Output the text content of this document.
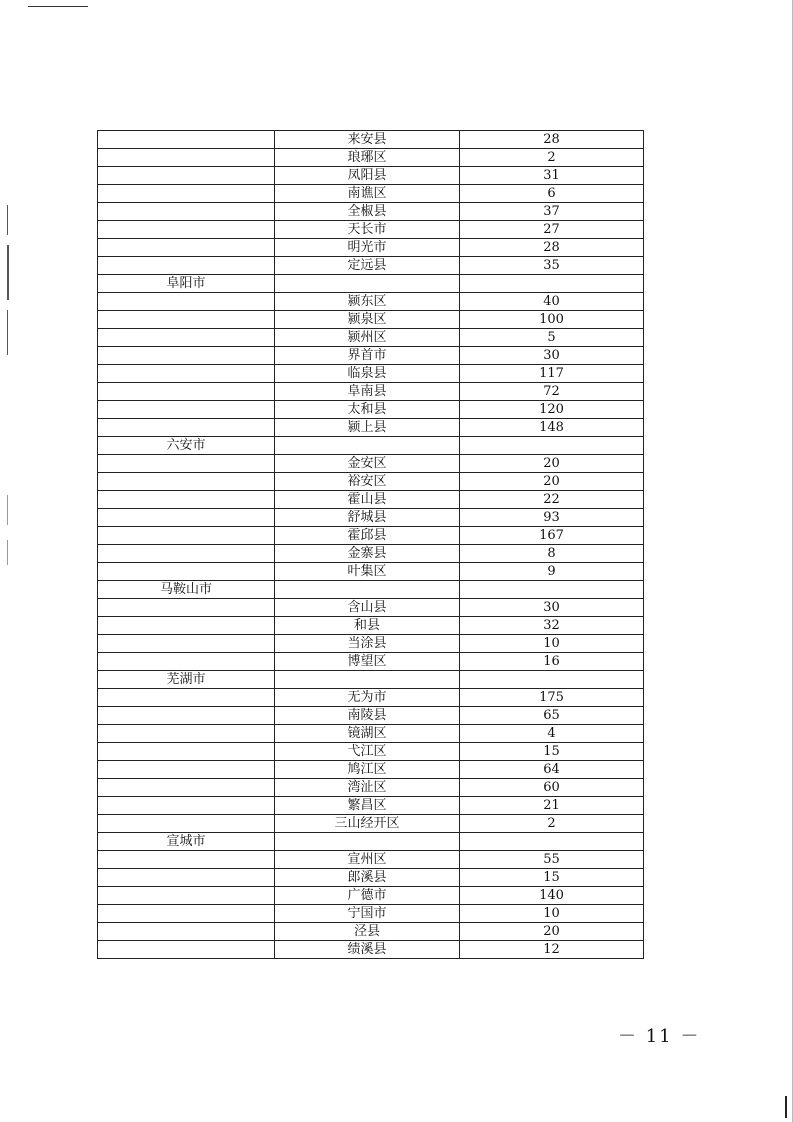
	来安县	28
	琅琊区	2
	凤阳县	31
	南谯区	6
	全椒县	37
	天长市	27
	明光市	28
	定远县	35
阜阳市		
	颍东区	40
	颍泉区	100
	颍州区	5
	界首市	30
	临泉县	117
	阜南县	72
	太和县	120
	颍上县	148
六安市		
	金安区	20
	裕安区	20
	霍山县	22
	舒城县	93
	霍邱县	167
	金寨县	8
	叶集区	9
马鞍山市		
	含山县	30
	和县	32
	当涂县	10
	博望区	16
芜湖市		
	无为市	175
	南陵县	65
	镜湖区	4
	弋江区	15
	鸠江区	64
	湾沚区	60
	繁昌区	21
	三山经开区	2
宣城市		
	宣州区	55
	郎溪县	15
	广德市	140
	宁国市	10
	泾县	20
	绩溪县	12
－ 11 －
